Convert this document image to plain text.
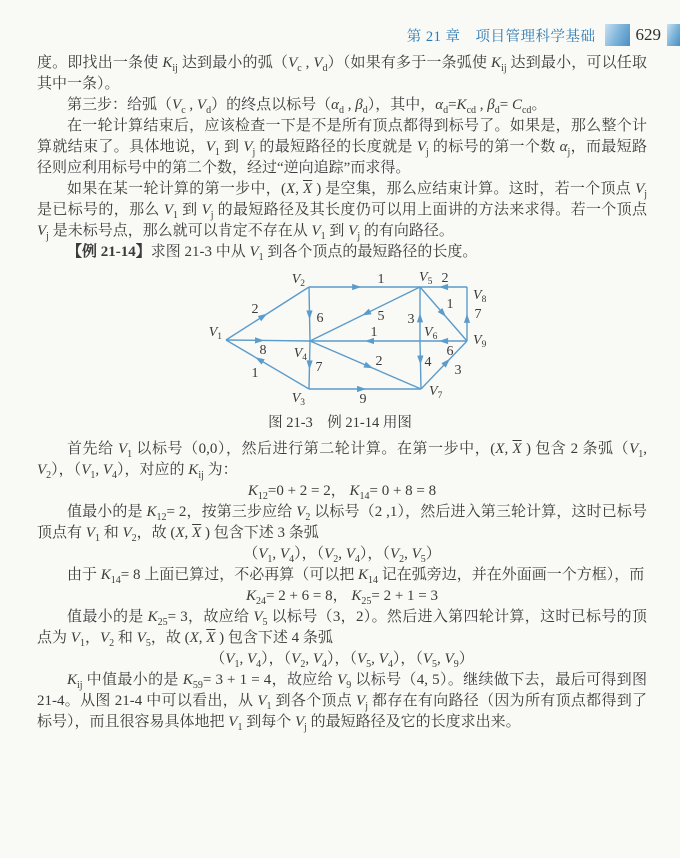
第 21 章　项目管理科学基础 629

度。即找出一条使 $K_{ij}$ 达到最小的弧（$V_c$ , $V_d$）（如果有多于一条弧使 $K_{ij}$ 达到最小，可以任取其中一条）。

第三步：给弧（$V_c$ , $V_d$）的终点以标号（$\alpha_d$ , $\beta_d$），其中，$\alpha_d=K_{cd}$ , $\beta_d= C_{cd}$。

在一轮计算结束后，应该检查一下是不是所有顶点都得到标号了。如果是，那么整个计算就结束了。具体地说，$V_1$ 到 $V_j$ 的最短路径的长度就是 $V_j$ 的标号的第一个数 $\alpha_j$，而最短路径则应利用标号中的第二个数，经过“逆向追踪”而求得。

如果在某一轮计算的第一步中，(X, $\overline{X}$ ) 是空集，那么应结束计算。这时，若一个顶点 $V_j$ 是已标号的，那么 $V_1$ 到 $V_j$ 的最短路径及其长度仍可以用上面讲的方法来求得。若一个顶点 $V_j$ 是未标号点，那么就可以肯定不存在从 $V_1$ 到 $V_j$ 的有向路径。

【例 21-14】求图 21-3 中从 $V_1$ 到各个顶点的最短路径的长度。

2
8
1
1
6	5
1
3
1
6
7
2
4
3
2
7
9
$V_1$
$V_2$
$V_3$
$V_4$
$V_5$
$V_6$
$V_7$
$V_8$
$V_9$

图 21-3　例 21-14 用图

首先给 $V_1$ 以标号（0,0），然后进行第二轮计算。在第一步中，(X, $\overline{X}$ ) 包含 2 条弧（$V_1$, $V_2$），（$V_1$, $V_4$），对应的 $K_{ij}$ 为：

$K_{12}=0 + 2 = 2$， $K_{14}= 0 + 8 = 8$

值最小的是 $K_{12}= 2$，按第三步应给 $V_2$ 以标号（2 ,1），然后进入第三轮计算，这时已标号顶点有 $V_1$ 和 $V_2$，故 (X, $\overline{X}$ ) 包含下述 3 条弧

（$V_1$, $V_4$），（$V_2$, $V_4$），（$V_2$, $V_5$）

由于 $K_{14}= 8$ 上面已算过，不必再算（可以把 $K_{14}$ 记在弧旁边，并在外面画一个方框），而

$K_{24}= 2 + 6 = 8$， $K_{25}= 2 + 1 = 3$

值最小的是 $K_{25}= 3$，故应给 $V_5$ 以标号（3，2）。然后进入第四轮计算，这时已标号的顶点为 $V_1$，$V_2$ 和 $V_5$，故 (X, $\overline{X}$ ) 包含下述 4 条弧

（$V_1$, $V_4$），（$V_2$, $V_4$），（$V_5$, $V_4$），（$V_5$, $V_9$）

$K_{ij}$ 中值最小的是 $K_{59}= 3 + 1 = 4$，故应给 $V_9$ 以标号（4, 5）。继续做下去，最后可得到图 21-4。从图 21-4 中可以看出，从 $V_1$ 到各个顶点 $V_j$ 都存在有向路径（因为所有顶点都得到了标号），而且很容易具体地把 $V_1$ 到每个 $V_j$ 的最短路径及它的长度求出来。
